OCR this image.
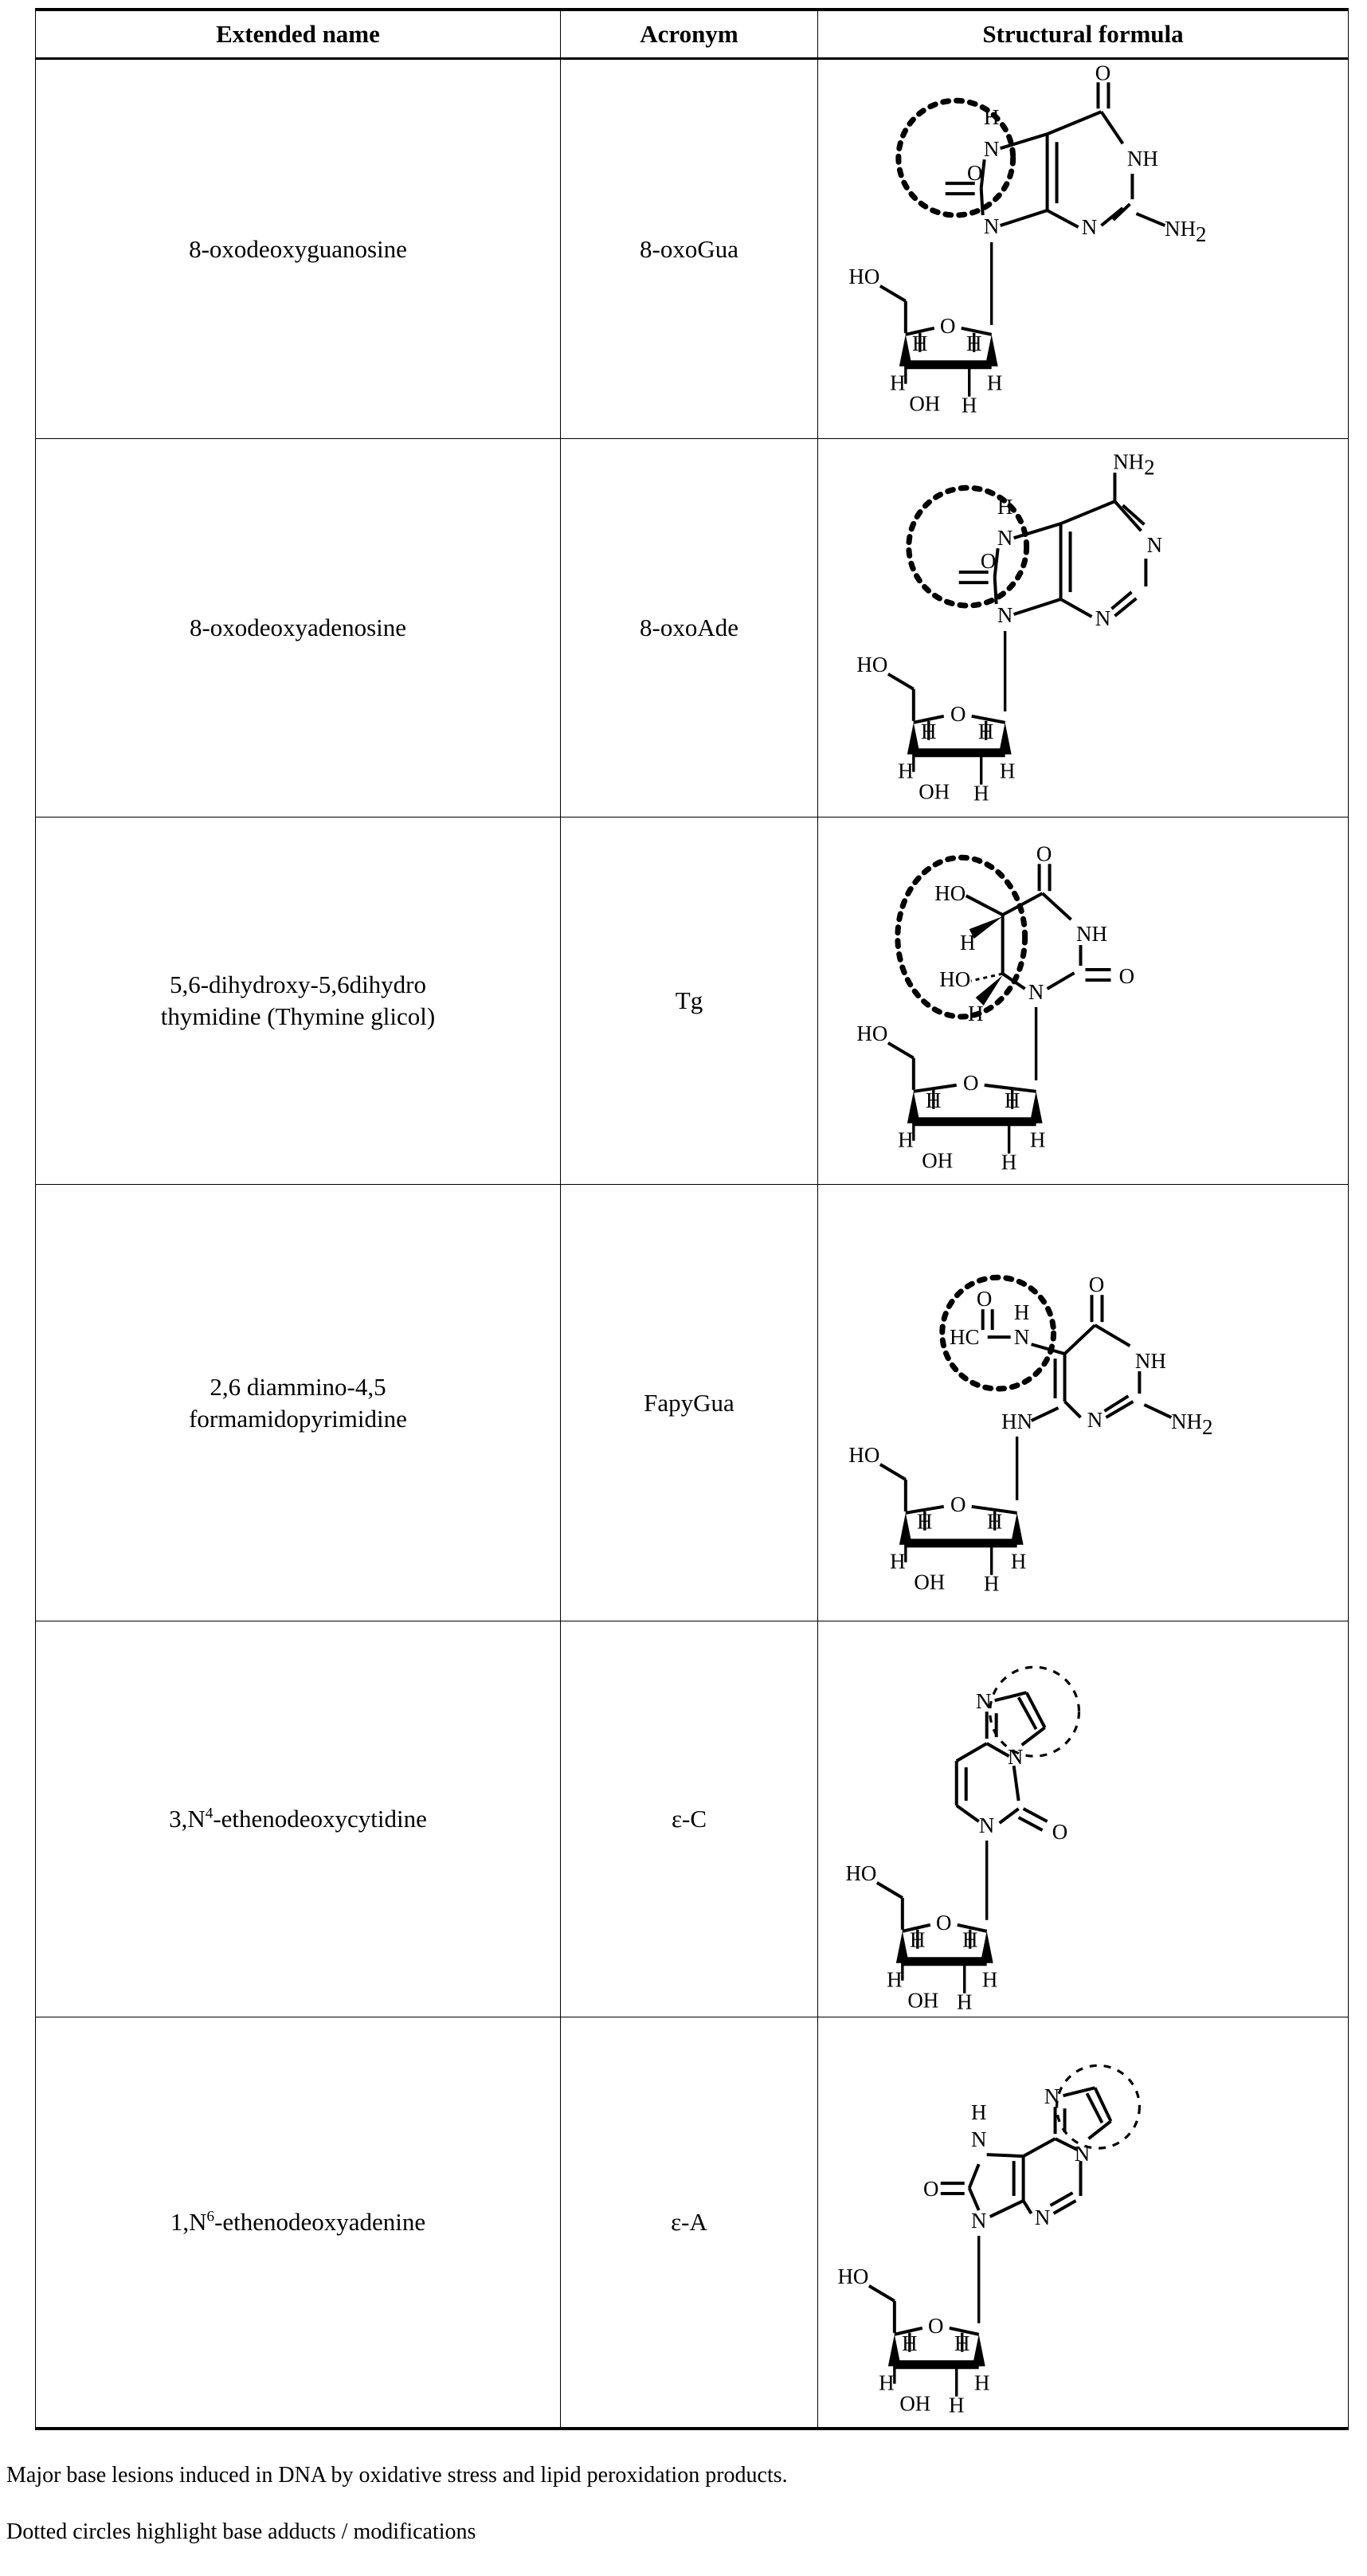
Extended name	Acronym	Structural formula
8-oxodeoxyguanosine	8-oxoGua	
O
H
N
N
O
NH
N	NH2
HO
O
H H
H
OH H
H

8-oxodeoxyadenosine	8-oxoAde	
O
H
N
N
NH2
N
N
HO
O
H H
H
OH H
H

5,6-dihydroxy-5,6dihydro
thymidine (Thymine glicol)
	Tg	
O
HO
NH
H
HO	O
H
N
HO
O
H	H
H
OH H
H

2,6 diammino-4,5
formamidopyrimidine
	FapyGua	
O
HC N
H
O
NH
N	NH2
HN
HO
O
H	H
H
OH H
H

$3,N^4$-ethenodeoxycytidine	ε-C	
N
N
N	O
HO
O
H H
H
OH H
H

$1,N^6$-ethenodeoxyadenine	ε-A	
N
N
N
N
H
N
O
HO
O
H H
H
OH H
H

Major base lesions induced in DNA by oxidative stress and lipid peroxidation products.

Dotted circles highlight base adducts / modifications
